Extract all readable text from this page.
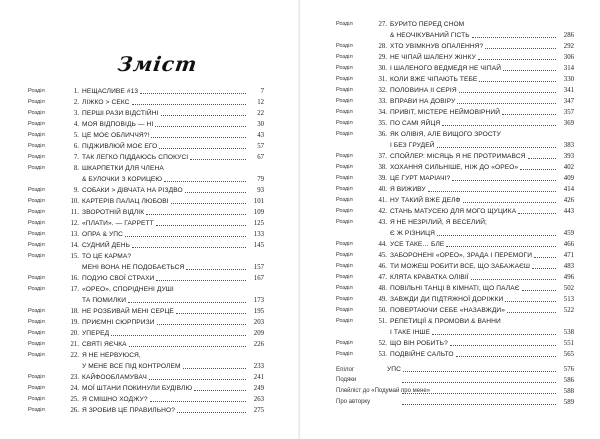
Зміст
Розділ	1. НЕЩАСЛИВЕ #13	7
Розділ	2. ЛІЖКО > СЕКС	12
Розділ	3. ПЕРШІ РАЗИ ВІДСТІЙНІ	22
Розділ	4. МОЯ ВІДПОВІДЬ — НІ	30
Розділ	5. ЦЕ МОЄ ОБЛИЧЧЯ?!	43
Розділ	6. ПІДЖИВЛЮЙ МОЄ ЕГО	57
Розділ	7. ТАК ЛЕГКО ПІДДАЮСЬ СПОКУСІ	67
Розділ	8. ШКАРПЕТКИ ДЛЯ ЧЛЕНА
& БУЛОЧКИ З КОРИЦЕЮ	79
Розділ	9. СОБАКИ > ДІВЧАТА НА РІЗДВО	93
Розділ	10. КАРТЕРІВ ПАЛАЦ ЛЮБОВІ	101
Розділ	11. ЗВОРОТНІЙ ВІДЛІК	109
Розділ	12. «ПЛАТИ». — ГАРРЕТТ	125
Розділ	13. ОПРА & УПС	133
Розділ	14. СУДНИЙ ДЕНЬ	145
Розділ	15. ТО ЦЕ КАРМА?
МЕНІ ВОНА НЕ ПОДОБАЄТЬСЯ	157
Розділ	16. ПОДУЮ СВОЇ СТРАХИ	167
Розділ	17. «ОРЕО», СПОРІДНЕНІ ДУШІ
ТА ПОМИЛКИ	173
Розділ	18. НЕ РОЗБИВАЙ МЕНІ СЕРЦЕ	195
Розділ	19. ПРИЄМНІ СЮРПРИЗИ	203
Розділ	20. УПЕРЕД	209
Розділ	21. СВЯТІ ЯЄЧКА	226
Розділ	22. Я НЕ НЕРВУЮСЯ,
У МЕНЕ ВСЕ ПІД КОНТРОЛЕМ	233
Розділ	23. КАЙФООБЛАМУВАЧ	241
Розділ	24. МОЇ ШТАНИ ПОКИНУЛИ БУДІВЛЮ	249
Розділ	25. Я СМІШНО ХОДЖУ?	263
Розділ	26. Я ЗРОБИВ ЦЕ ПРАВИЛЬНО?	275
Розділ	27. БУРИТО ПЕРЕД СНОМ
& НЕОЧІКУВАНИЙ ГІСТЬ	286
Розділ	28. ХТО УВІМКНУВ ОПАЛЕННЯ?	292
Розділ	29. НЕ ЧІПАЙ ШАЛЕНУ ЖІНКУ	306
Розділ	30. І ШАЛЕНОГО ВЕДМЕДЯ НЕ ЧІПАЙ	314
Розділ	31. КОЛИ ВЖЕ ЧІПАЮТЬ ТЕБЕ	330
Розділ	32. ПОЛОВИНА ІІ СЕРІЯ	341
Розділ	33. ВПРАВИ НА ДОВІРУ	347
Розділ	34. ПРИВІТ, МІСТЕРЕ НЕЙМОВІРНИЙ	357
Розділ	35. ПО САМІ ЯЙЦЯ	369
Розділ	36. ЯК ОЛІВІЯ, АЛЕ ВИЩОГО ЗРОСТУ
І БЕЗ ГРУДЕЙ	383
Розділ	37. СПОЙЛЕР: МІСЯЦЬ Я НЕ ПРОТРИМАВСЯ	393
Розділ	38. ХОХАННЯ СИЛЬНІШЕ, НІЖ ДО «ОРЕО»	402
Розділ	39. ЦЕ ГУРТ МАРІАЧІ?	409
Розділ	40. Я ВИЖИВУ	414
Розділ	41. НУ ТАКИЙ ВЖЕ ДЕЛФ	426
Розділ	42. СТАНЬ МАТУСЕЮ ДЛЯ МОГО ЩУЦИКА	443
Розділ	43. Я НЕ НЕЗРІЛИЙ, Я ВЕСЕЛИЙ;
Є Ж РІЗНИЦЯ	459
Розділ	44. УСЕ ТАКЕ… БЛЕ	466
Розділ	45. ЗАБОРОНЕНІ «ОРЕО», ЗРАДА І ПЕРЕМОГИ	471
Розділ	46. ТИ МОЖЕШ РОБИТИ ВСЕ, ЩО ЗАБАЖАЄШ	483
Розділ	47. КЛЯТА КРАВАТКА ОЛІВІЇ	496
Розділ	48. ПОВІЛЬНІ ТАНЦІ В КІМНАТІ, ЩО ПАЛАЄ	502
Розділ	49. ЗАВЖДИ ДИ ПІДТЯЖНОЇ ДОРІЖКИ	513
Розділ	50. ПОВЕРТАЮЧИ СЕБЕ «НАЗАВЖДИ»	522
Розділ	51. РЕПЕТИЦІЇ & ПРОМОВИ & ВАННИ
І ТАКЕ ІНШЕ	538
Розділ	52. ЩО ВІН РОБИТЬ?	551
Розділ	53. ПОДВІЙНЕ САЛЬТО	565
Епілог	УПС	576
Подяки	586
Плейліст до «Подумай про мене»	588
Про авторку	589
